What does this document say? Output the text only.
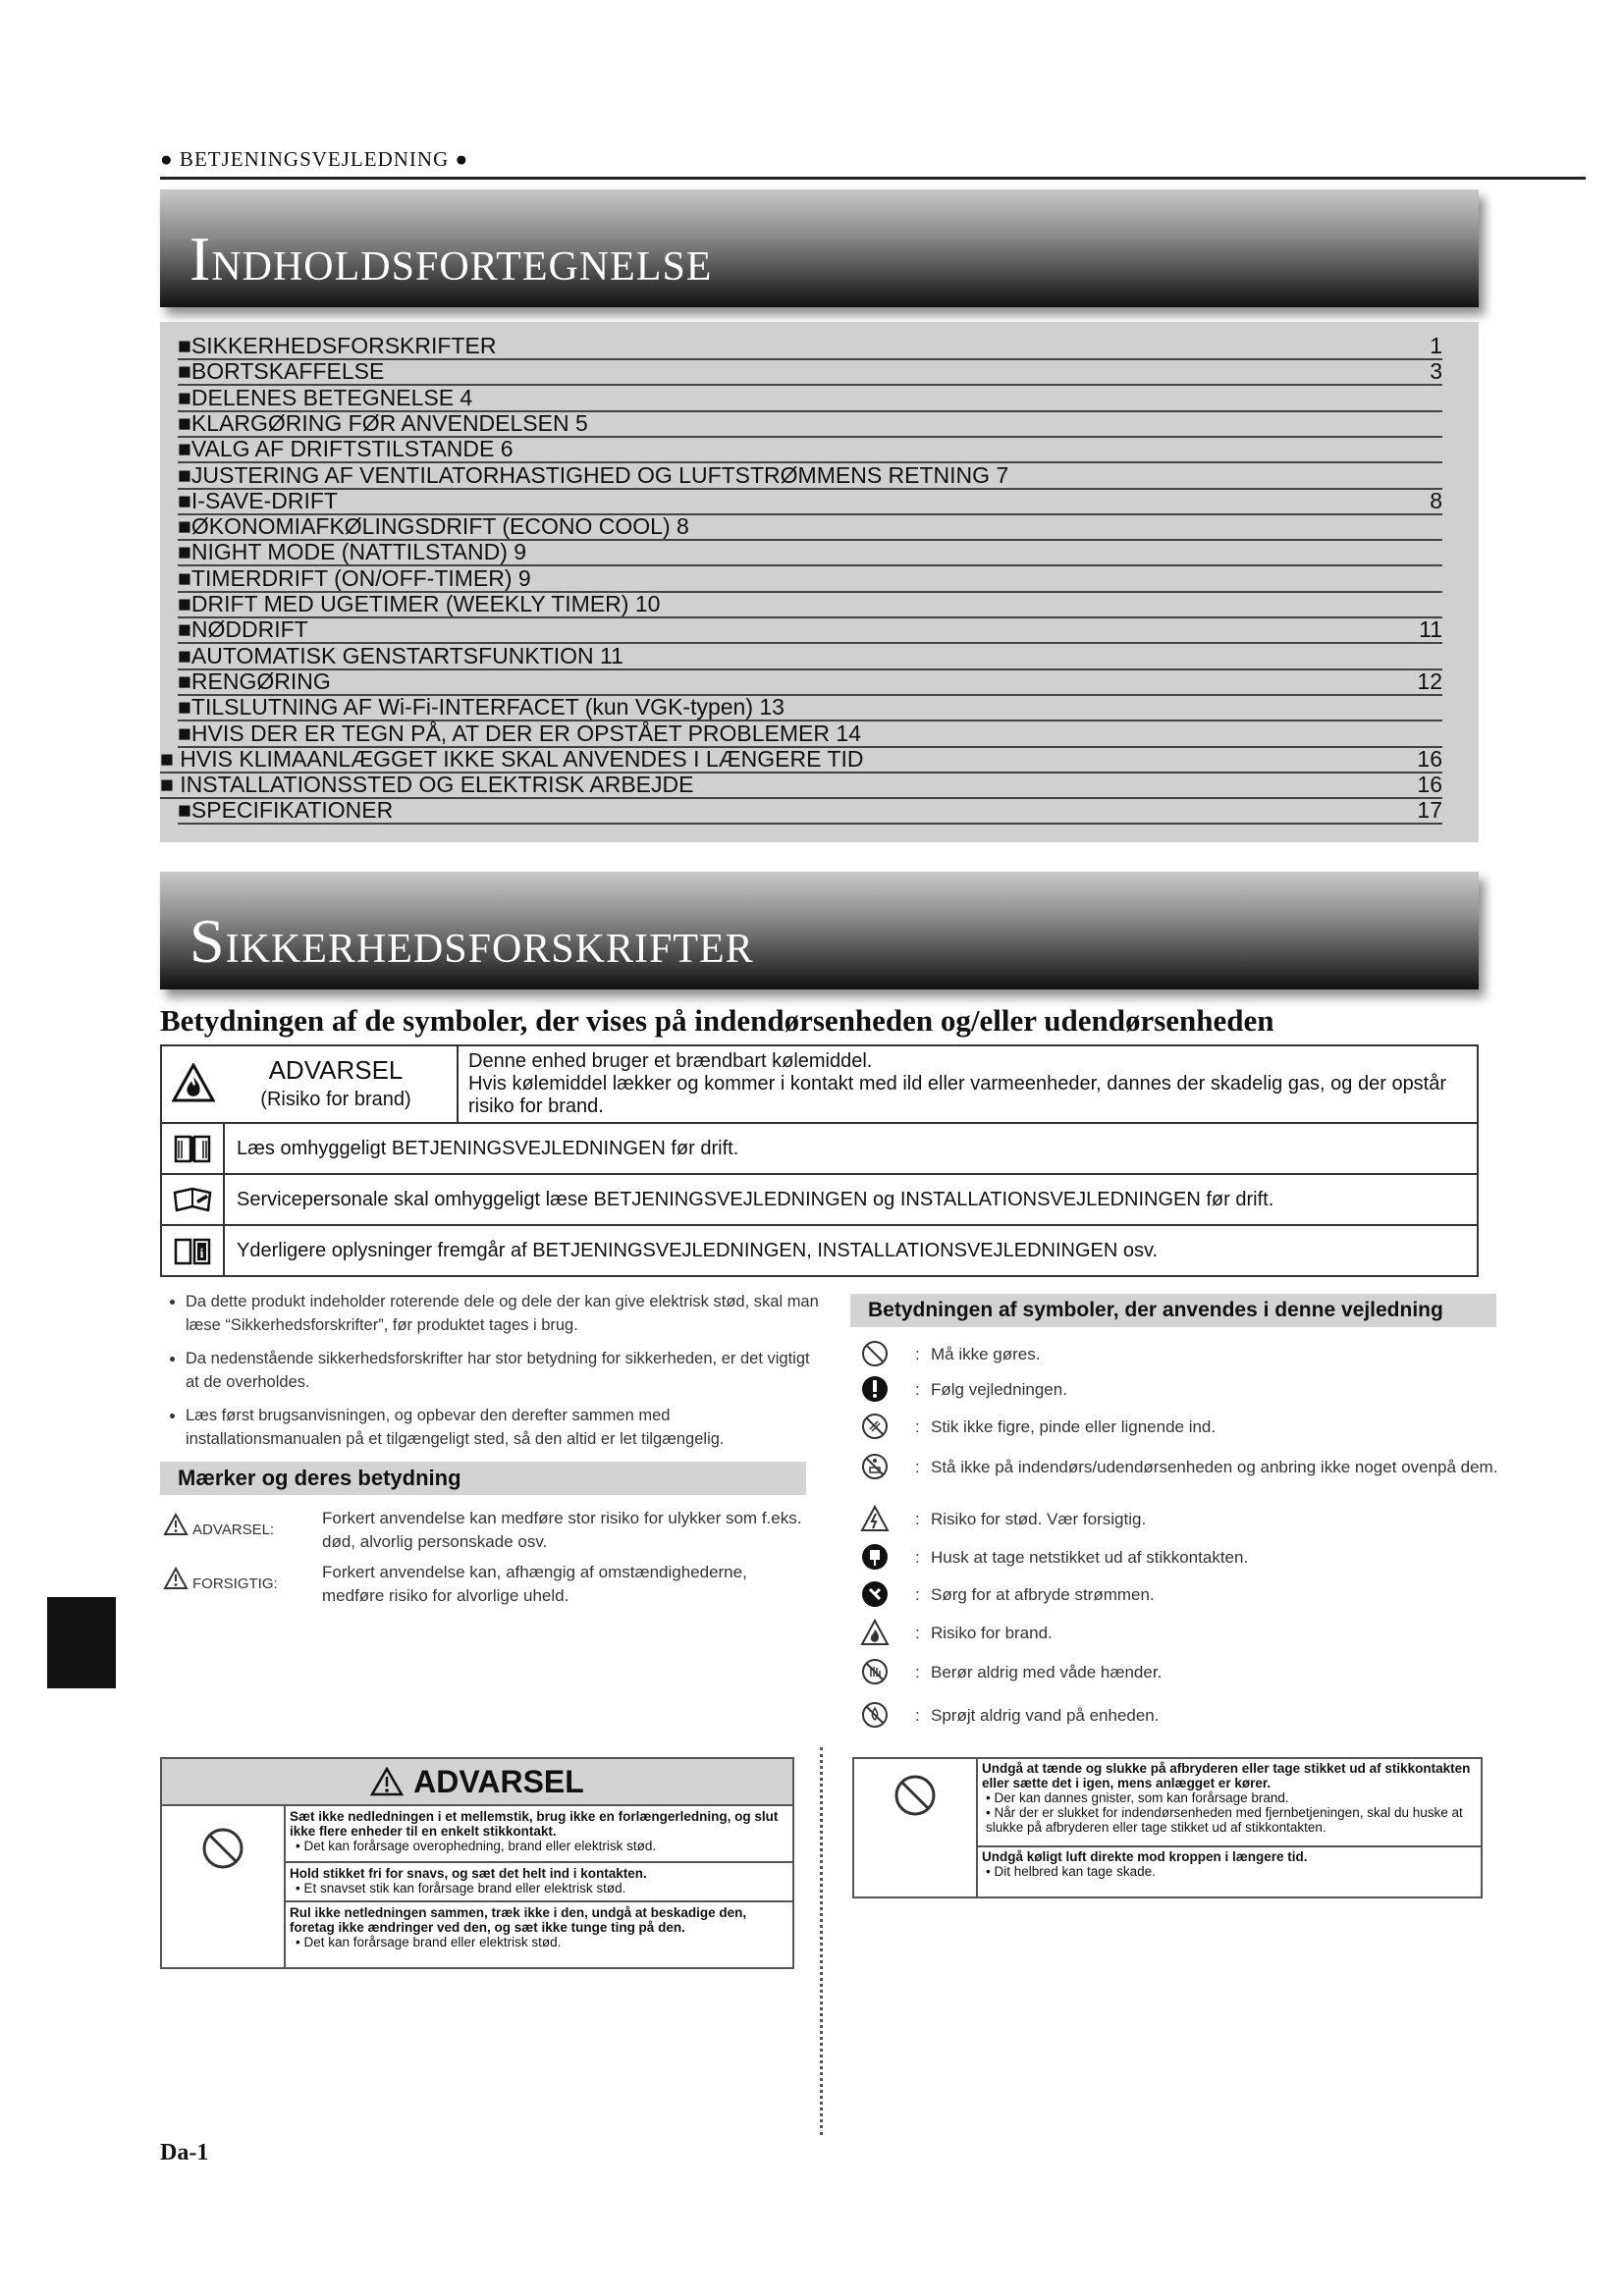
● BETJENINGSVEJLEDNING ●
INDHOLDSFORTEGNELSE
■SIKKERHEDSFORSKRIFTER	1
■BORTSKAFFELSE	3
■DELENES BETEGNELSE 4
■KLARGØRING FØR ANVENDELSEN 5
■VALG AF DRIFTSTILSTANDE 6
■JUSTERING AF VENTILATORHASTIGHED OG LUFTSTRØMMENS RETNING 7
■I-SAVE-DRIFT	8
■ØKONOMIAFKØLINGSDRIFT (ECONO COOL) 8
■NIGHT MODE (NATTILSTAND) 9
■TIMERDRIFT (ON/OFF-TIMER) 9
■DRIFT MED UGETIMER (WEEKLY TIMER) 10
■NØDDRIFT	11
■AUTOMATISK GENSTARTSFUNKTION 11
■RENGØRING	12
■TILSLUTNING AF Wi-Fi-INTERFACET (kun VGK-typen) 13
■HVIS DER ER TEGN PÅ, AT DER ER OPSTÅET PROBLEMER 14
■ HVIS KLIMAANLÆGGET IKKE SKAL ANVENDES I LÆNGERE TID	16
■ INSTALLATIONSSTED OG ELEKTRISK ARBEJDE	16
■SPECIFIKATIONER	17
SIKKERHEDSFORSKRIFTER
Betydningen af de symboler, der vises på indendørsenheden og/eller udendørsenheden
ADVARSEL
(Risiko for brand)

Denne enhed bruger et brændbart kølemiddel.
Hvis kølemiddel lækker og kommer i kontakt med ild eller varmeenheder, dannes der skadelig gas, og der opstår risiko for brand.

Læs omhyggeligt BETJENINGSVEJLEDNINGEN før drift.

Servicepersonale skal omhyggeligt læse BETJENINGSVEJLEDNINGEN og INSTALLATIONSVEJLEDNINGEN før drift.

i	Yderligere oplysninger fremgår af BETJENINGSVEJLEDNINGEN, INSTALLATIONSVEJLEDNINGEN osv.
• Da dette produkt indeholder roterende dele og dele der kan give elektrisk stød, skal man læse “Sikkerhedsforskrifter”, før produktet tages i brug.
• Da nedenstående sikkerhedsforskrifter har stor betydning for sikkerheden, er det vigtigt at de overholdes.
• Læs først brugsanvisningen, og opbevar den derefter sammen med installationsmanualen på et tilgængeligt sted, så den altid er let tilgængelig.
Mærker og deres betydning
ADVARSEL:
Forkert anvendelse kan medføre stor risiko for ulykker som f.eks. død, alvorlig personskade osv.
FORSIGTIG:
Forkert anvendelse kan, afhængig af omstændighederne, medføre risiko for alvorlige uheld.
Betydningen af symboler, der anvendes i denne vejledning
: Må ikke gøres.
: Følg vejledningen.
: Stik ikke figre, pinde eller lignende ind.
: Stå ikke på indendørs/udendørsenheden og anbring ikke noget ovenpå dem.
: Risiko for stød. Vær forsigtig.
: Husk at tage netstikket ud af stikkontakten.
: Sørg for at afbryde strømmen.
: Risiko for brand.
: Berør aldrig med våde hænder.
: Sprøjt aldrig vand på enheden.
ADVARSEL
Sæt ikke nedledningen i et mellemstik, brug ikke en forlængerledning, og slut ikke flere enheder til en enkelt stikkontakt.
• Det kan forårsage overophedning, brand eller elektrisk stød.
Hold stikket fri for snavs, og sæt det helt ind i kontakten.
• Et snavset stik kan forårsage brand eller elektrisk stød.
Rul ikke netledningen sammen, træk ikke i den, undgå at beskadige den, foretag ikke ændringer ved den, og sæt ikke tunge ting på den.
• Det kan forårsage brand eller elektrisk stød.
Undgå at tænde og slukke på afbryderen eller tage stikket ud af stikkontakten eller sætte det i igen, mens anlægget er kører.
• Der kan dannes gnister, som kan forårsage brand.
• Når der er slukket for indendørsenheden med fjernbetjeningen, skal du huske at slukke på afbryderen eller tage stikket ud af stikkontakten.
Undgå køligt luft direkte mod kroppen i længere tid.
• Dit helbred kan tage skade.
Da-1
